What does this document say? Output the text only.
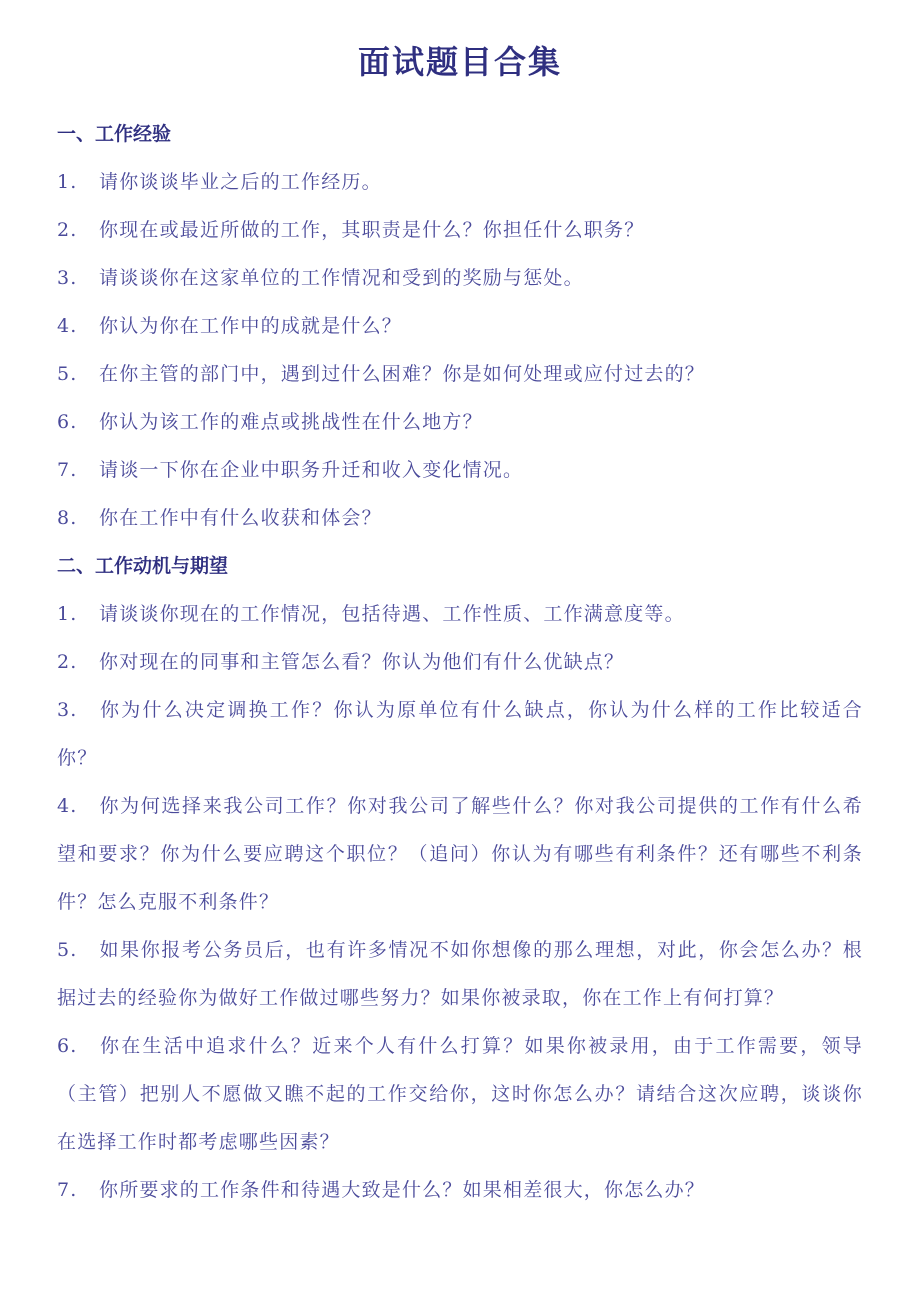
面试题目合集
一、工作经验

1. 请你谈谈毕业之后的工作经历。

2. 你现在或最近所做的工作，其职责是什么？你担任什么职务？

3. 请谈谈你在这家单位的工作情况和受到的奖励与惩处。

4. 你认为你在工作中的成就是什么？

5. 在你主管的部门中，遇到过什么困难？你是如何处理或应付过去的？

6. 你认为该工作的难点或挑战性在什么地方？

7. 请谈一下你在企业中职务升迁和收入变化情况。

8. 你在工作中有什么收获和体会？

二、工作动机与期望

1. 请谈谈你现在的工作情况，包括待遇、工作性质、工作满意度等。

2. 你对现在的同事和主管怎么看？你认为他们有什么优缺点？

3. 你为什么决定调换工作？你认为原单位有什么缺点，你认为什么样的工作比较适合你？

4. 你为何选择来我公司工作？你对我公司了解些什么？你对我公司提供的工作有什么希望和要求？你为什么要应聘这个职位？（追问）你认为有哪些有利条件？还有哪些不利条件？怎么克服不利条件？

5. 如果你报考公务员后，也有许多情况不如你想像的那么理想，对此，你会怎么办？根据过去的经验你为做好工作做过哪些努力？如果你被录取，你在工作上有何打算？

6. 你在生活中追求什么？近来个人有什么打算？如果你被录用，由于工作需要，领导（主管）把别人不愿做又瞧不起的工作交给你，这时你怎么办？请结合这次应聘，谈谈你在选择工作时都考虑哪些因素？

7. 你所要求的工作条件和待遇大致是什么？如果相差很大，你怎么办？
